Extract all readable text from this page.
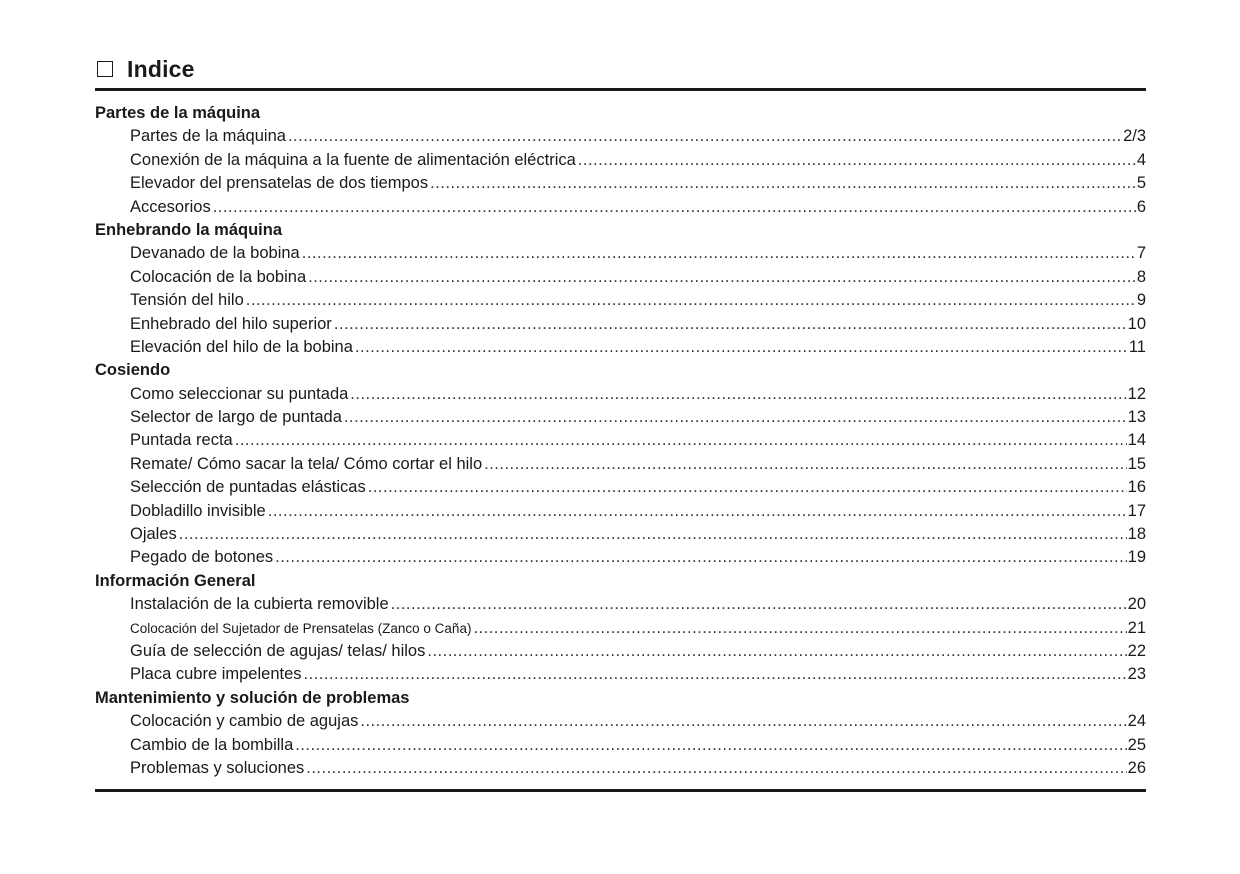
Indice
Partes de la máquina
Partes de la máquina .....	2/3
Conexión de la máquina a la fuente de alimentación eléctrica .....	4
Elevador del prensatelas de dos tiempos .....	5
Accesorios .....	6
Enhebrando la máquina
Devanado de la bobina .....	7
Colocación de la bobina .....	8
Tensión del hilo .....	9
Enhebrado del hilo superior .....	10
Elevación del hilo de la bobina .....	11
Cosiendo
Como seleccionar su puntada .....	12
Selector de largo de puntada .....	13
Puntada recta .....	14
Remate/ Cómo sacar la tela/ Cómo cortar el hilo .....	15
Selección de puntadas elásticas .....	16
Dobladillo invisible .....	17
Ojales .....	18
Pegado de botones .....	19
Información General
Instalación de la cubierta removible .....	20
Colocación del Sujetador de Prensatelas (Zanco o Caña) .....	21
Guía de selección de agujas/ telas/ hilos .....	22
Placa cubre impelentes .....	23
Mantenimiento y solución de problemas
Colocación y cambio de agujas .....	24
Cambio de la bombilla .....	25
Problemas y soluciones .....	26
